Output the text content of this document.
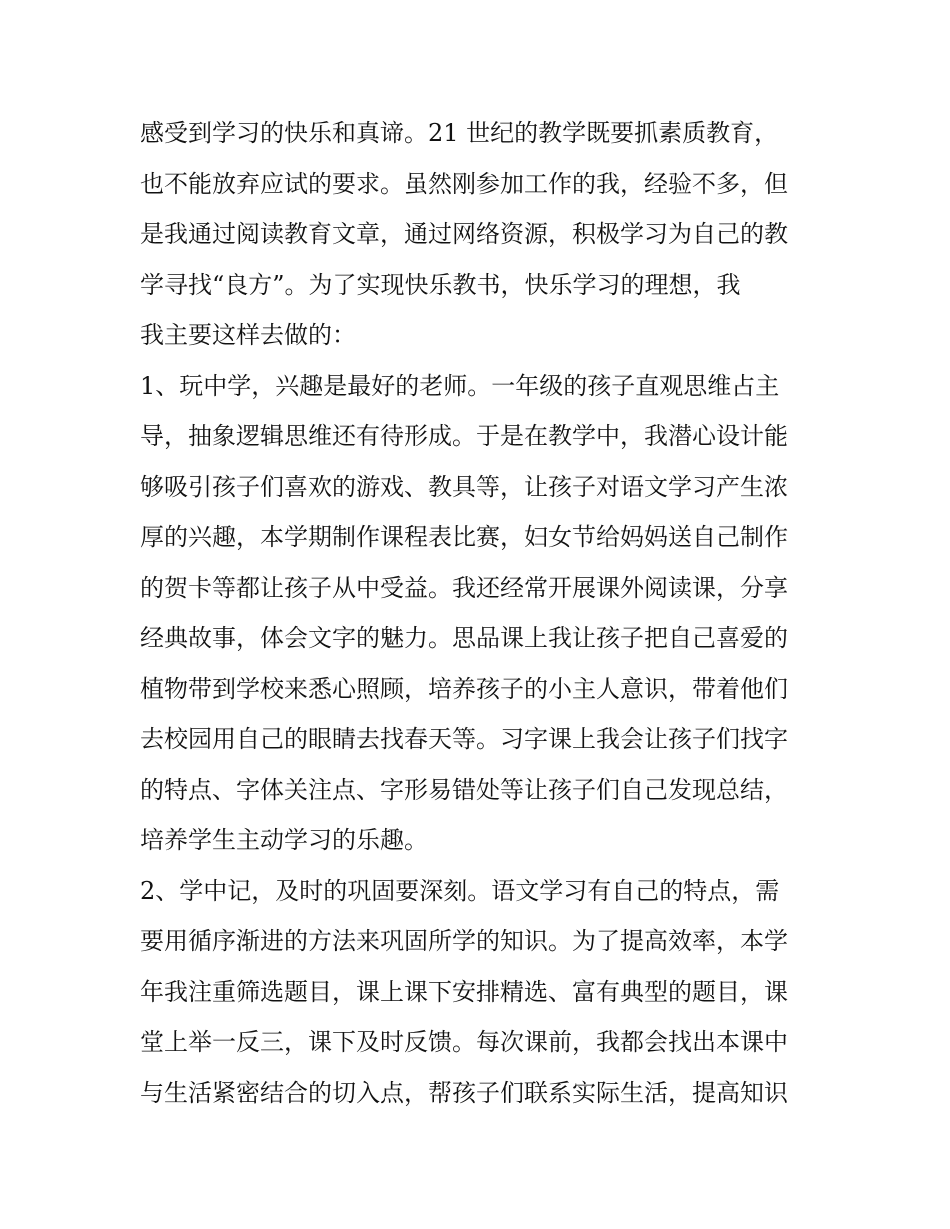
感受到学习的快乐和真谛。21 世纪的教学既要抓素质教育，
也不能放弃应试的要求。虽然刚参加工作的我，经验不多，但
是我通过阅读教育文章，通过网络资源，积极学习为自己的教
学寻找“良方”。为了实现快乐教书，快乐学习的理想，我
我主要这样去做的：
1、玩中学，兴趣是最好的老师。一年级的孩子直观思维占主
导，抽象逻辑思维还有待形成。于是在教学中，我潜心设计能
够吸引孩子们喜欢的游戏、教具等，让孩子对语文学习产生浓
厚的兴趣，本学期制作课程表比赛，妇女节给妈妈送自己制作
的贺卡等都让孩子从中受益。我还经常开展课外阅读课，分享
经典故事，体会文字的魅力。思品课上我让孩子把自己喜爱的
植物带到学校来悉心照顾，培养孩子的小主人意识，带着他们
去校园用自己的眼睛去找春天等。习字课上我会让孩子们找字
的特点、字体关注点、字形易错处等让孩子们自己发现总结，
培养学生主动学习的乐趣。
2、学中记，及时的巩固要深刻。语文学习有自己的特点，需
要用循序渐进的方法来巩固所学的知识。为了提高效率，本学
年我注重筛选题目，课上课下安排精选、富有典型的题目，课
堂上举一反三，课下及时反馈。每次课前，我都会找出本课中
与生活紧密结合的切入点，帮孩子们联系实际生活，提高知识
